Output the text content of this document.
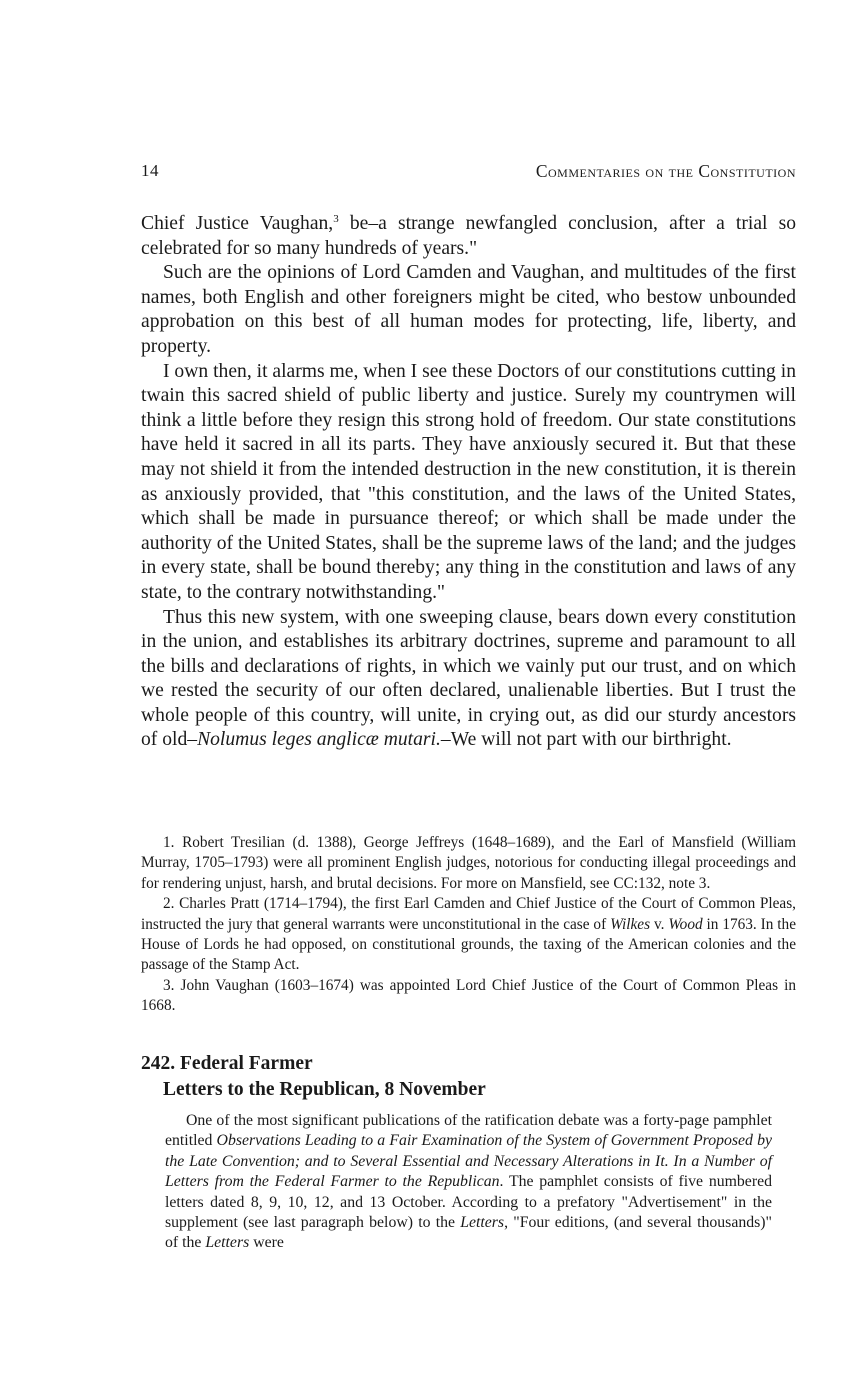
14	Commentaries on the Constitution

Chief Justice Vaughan,$^3$ be–a strange newfangled conclusion, after a trial so celebrated for so many hundreds of years."

Such are the opinions of Lord Camden and Vaughan, and multitudes of the first names, both English and other foreigners might be cited, who bestow unbounded approbation on this best of all human modes for protecting, life, liberty, and property.

I own then, it alarms me, when I see these Doctors of our constitutions cutting in twain this sacred shield of public liberty and justice. Surely my countrymen will think a little before they resign this strong hold of freedom. Our state constitutions have held it sacred in all its parts. They have anxiously secured it. But that these may not shield it from the intended destruction in the new constitution, it is therein as anxiously provided, that "this constitution, and the laws of the United States, which shall be made in pursuance thereof; or which shall be made under the authority of the United States, shall be the supreme laws of the land; and the judges in every state, shall be bound thereby; any thing in the constitution and laws of any state, to the contrary notwithstanding."

Thus this new system, with one sweeping clause, bears down every constitution in the union, and establishes its arbitrary doctrines, supreme and paramount to all the bills and declarations of rights, in which we vainly put our trust, and on which we rested the security of our often declared, unalienable liberties. But I trust the whole people of this country, will unite, in crying out, as did our sturdy ancestors of old–Nolumus leges anglicæ mutari.–We will not part with our birthright.

1. Robert Tresilian (d. 1388), George Jeffreys (1648–1689), and the Earl of Mansfield (William Murray, 1705–1793) were all prominent English judges, notorious for conducting illegal proceedings and for rendering unjust, harsh, and brutal decisions. For more on Mansfield, see CC:132, note 3.

2. Charles Pratt (1714–1794), the first Earl Camden and Chief Justice of the Court of Common Pleas, instructed the jury that general warrants were unconstitutional in the case of Wilkes v. Wood in 1763. In the House of Lords he had opposed, on constitutional grounds, the taxing of the American colonies and the passage of the Stamp Act.

3. John Vaughan (1603–1674) was appointed Lord Chief Justice of the Court of Common Pleas in 1668.

242. Federal Farmer
Letters to the Republican, 8 November

One of the most significant publications of the ratification debate was a forty-page pamphlet entitled Observations Leading to a Fair Examination of the System of Government Proposed by the Late Convention; and to Several Essential and Necessary Alterations in It. In a Number of Letters from the Federal Farmer to the Republican. The pamphlet consists of five numbered letters dated 8, 9, 10, 12, and 13 October. According to a prefatory "Advertisement" in the supplement (see last paragraph below) to the Letters, "Four editions, (and several thousands)" of the Letters were
